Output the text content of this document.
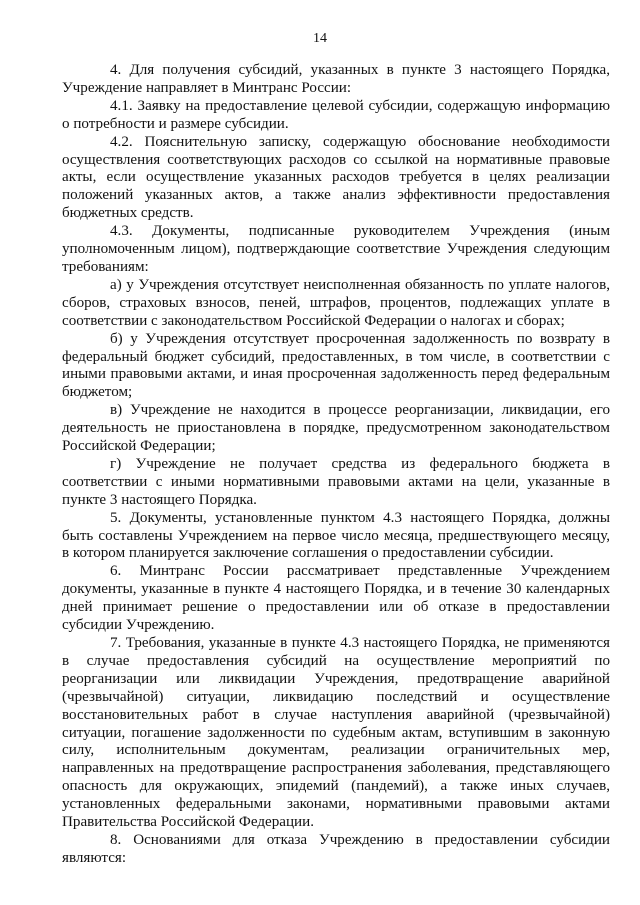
14

4. Для получения субсидий, указанных в пункте 3 настоящего Порядка, Учреждение направляет в Минтранс России:

4.1. Заявку на предоставление целевой субсидии, содержащую информацию о потребности и размере субсидии.

4.2. Пояснительную записку, содержащую обоснование необходимости осуществления соответствующих расходов со ссылкой на нормативные правовые акты, если осуществление указанных расходов требуется в целях реализации положений указанных актов, а также анализ эффективности предоставления бюджетных средств.

4.3. Документы, подписанные руководителем Учреждения (иным уполномоченным лицом), подтверждающие соответствие Учреждения следующим требованиям:

а) у Учреждения отсутствует неисполненная обязанность по уплате налогов, сборов, страховых взносов, пеней, штрафов, процентов, подлежащих уплате в соответствии с законодательством Российской Федерации о налогах и сборах;

б) у Учреждения отсутствует просроченная задолженность по возврату в федеральный бюджет субсидий, предоставленных, в том числе, в соответствии с иными правовыми актами, и иная просроченная задолженность перед федеральным бюджетом;

в) Учреждение не находится в процессе реорганизации, ликвидации, его деятельность не приостановлена в порядке, предусмотренном законодательством Российской Федерации;

г) Учреждение не получает средства из федерального бюджета в соответствии с иными нормативными правовыми актами на цели, указанные в пункте 3 настоящего Порядка.

5. Документы, установленные пунктом 4.3 настоящего Порядка, должны быть составлены Учреждением на первое число месяца, предшествующего месяцу, в котором планируется заключение соглашения о предоставлении субсидии.

6. Минтранс России рассматривает представленные Учреждением документы, указанные в пункте 4 настоящего Порядка, и в течение 30 календарных дней принимает решение о предоставлении или об отказе в предоставлении субсидии Учреждению.

7. Требования, указанные в пункте 4.3 настоящего Порядка, не применяются в случае предоставления субсидий на осуществление мероприятий по реорганизации или ликвидации Учреждения, предотвращение аварийной (чрезвычайной) ситуации, ликвидацию последствий и осуществление восстановительных работ в случае наступления аварийной (чрезвычайной) ситуации, погашение задолженности по судебным актам, вступившим в законную силу, исполнительным документам, реализации ограничительных мер, направленных на предотвращение распространения заболевания, представляющего опасность для окружающих, эпидемий (пандемий), а также иных случаев, установленных федеральными законами, нормативными правовыми актами Правительства Российской Федерации.

8. Основаниями для отказа Учреждению в предоставлении субсидии являются:
